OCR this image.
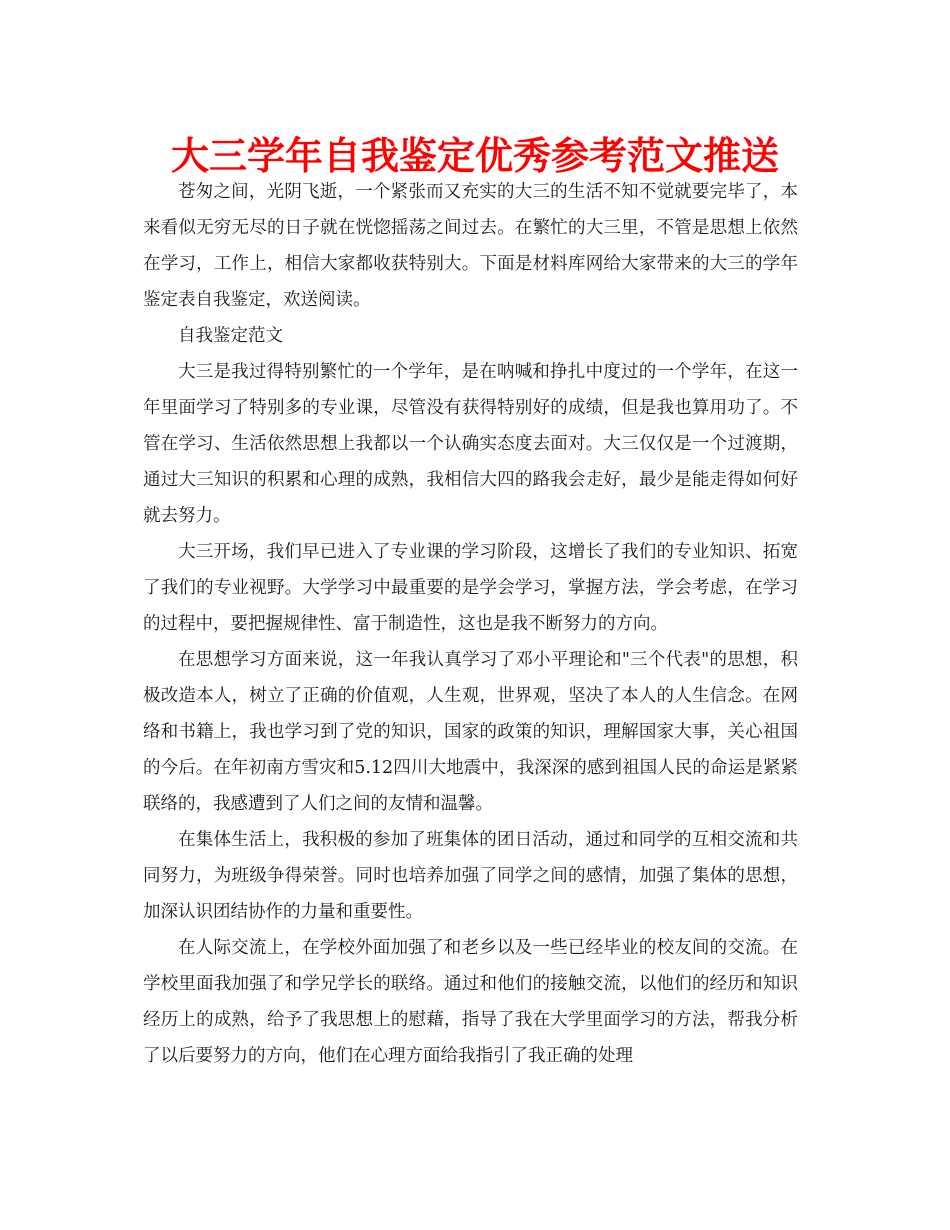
大三学年自我鉴定优秀参考范文推送

苍匆之间，光阴飞逝，一个紧张而又充实的大三的生活不知不觉就要完毕了，本来看似无穷无尽的日子就在恍惚摇荡之间过去。在繁忙的大三里，不管是思想上依然在学习，工作上，相信大家都收获特别大。下面是材料库网给大家带来的大三的学年鉴定表自我鉴定，欢送阅读。

自我鉴定范文

大三是我过得特别繁忙的一个学年，是在呐喊和挣扎中度过的一个学年，在这一年里面学习了特别多的专业课，尽管没有获得特别好的成绩，但是我也算用功了。不管在学习、生活依然思想上我都以一个认确实态度去面对。大三仅仅是一个过渡期，通过大三知识的积累和心理的成熟，我相信大四的路我会走好，最少是能走得如何好就去努力。

大三开场，我们早已进入了专业课的学习阶段，这增长了我们的专业知识、拓宽了我们的专业视野。大学学习中最重要的是学会学习，掌握方法，学会考虑，在学习的过程中，要把握规律性、富于制造性，这也是我不断努力的方向。

在思想学习方面来说，这一年我认真学习了邓小平理论和"三个代表"的思想，积极改造本人，树立了正确的价值观，人生观，世界观，坚决了本人的人生信念。在网络和书籍上，我也学习到了党的知识，国家的政策的知识，理解国家大事，关心祖国的今后。在年初南方雪灾和5.12四川大地震中，我深深的感到祖国人民的命运是紧紧联络的，我感遭到了人们之间的友情和温馨。

在集体生活上，我积极的参加了班集体的团日活动，通过和同学的互相交流和共同努力，为班级争得荣誉。同时也培养加强了同学之间的感情，加强了集体的思想，加深认识团结协作的力量和重要性。

在人际交流上，在学校外面加强了和老乡以及一些已经毕业的校友间的交流。在学校里面我加强了和学兄学长的联络。通过和他们的接触交流，以他们的经历和知识经历上的成熟，给予了我思想上的慰藉，指导了我在大学里面学习的方法，帮我分析了以后要努力的方向，他们在心理方面给我指引了我正确的处理
